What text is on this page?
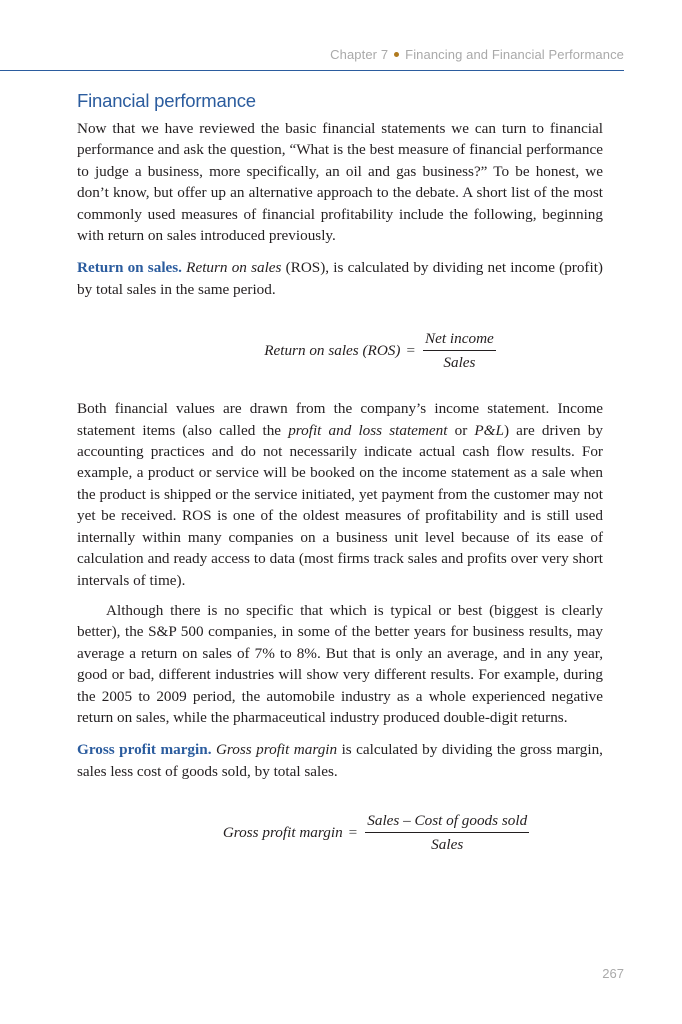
Chapter 7 Financing and Financial Performance
Financial performance

Now that we have reviewed the basic financial statements we can turn to financial performance and ask the question, “What is the best measure of financial performance to judge a business, more specifically, an oil and gas business?” To be honest, we don’t know, but offer up an alternative approach to the debate. A short list of the most commonly used measures of financial profitability include the following, beginning with return on sales introduced previously.

Return on sales. Return on sales (ROS), is calculated by dividing net income (profit) by total sales in the same period.

Return on sales $(ROS) = \frac{\text{Net income}}{\text{Sales}}$

Both financial values are drawn from the company’s income statement. Income statement items (also called the profit and loss statement or P&L) are driven by accounting practices and do not necessarily indicate actual cash flow results. For example, a product or service will be booked on the income statement as a sale when the product is shipped or the service initiated, yet payment from the customer may not yet be received. ROS is one of the oldest measures of profitability and is still used internally within many companies on a business unit level because of its ease of calculation and ready access to data (most firms track sales and profits over very short intervals of time).

Although there is no specific that which is typical or best (biggest is clearly better), the S&P 500 companies, in some of the better years for business results, may average a return on sales of 7% to 8%. But that is only an average, and in any year, good or bad, different industries will show very different results. For example, during the 2005 to 2009 period, the automobile industry as a whole experienced negative return on sales, while the pharmaceutical industry produced double-digit returns.

Gross profit margin. Gross profit margin is calculated by dividing the gross margin, sales less cost of goods sold, by total sales.

Gross profit margin = $\frac{\text{Sales – Cost of goods sold}}{\text{Sales}}$
267
